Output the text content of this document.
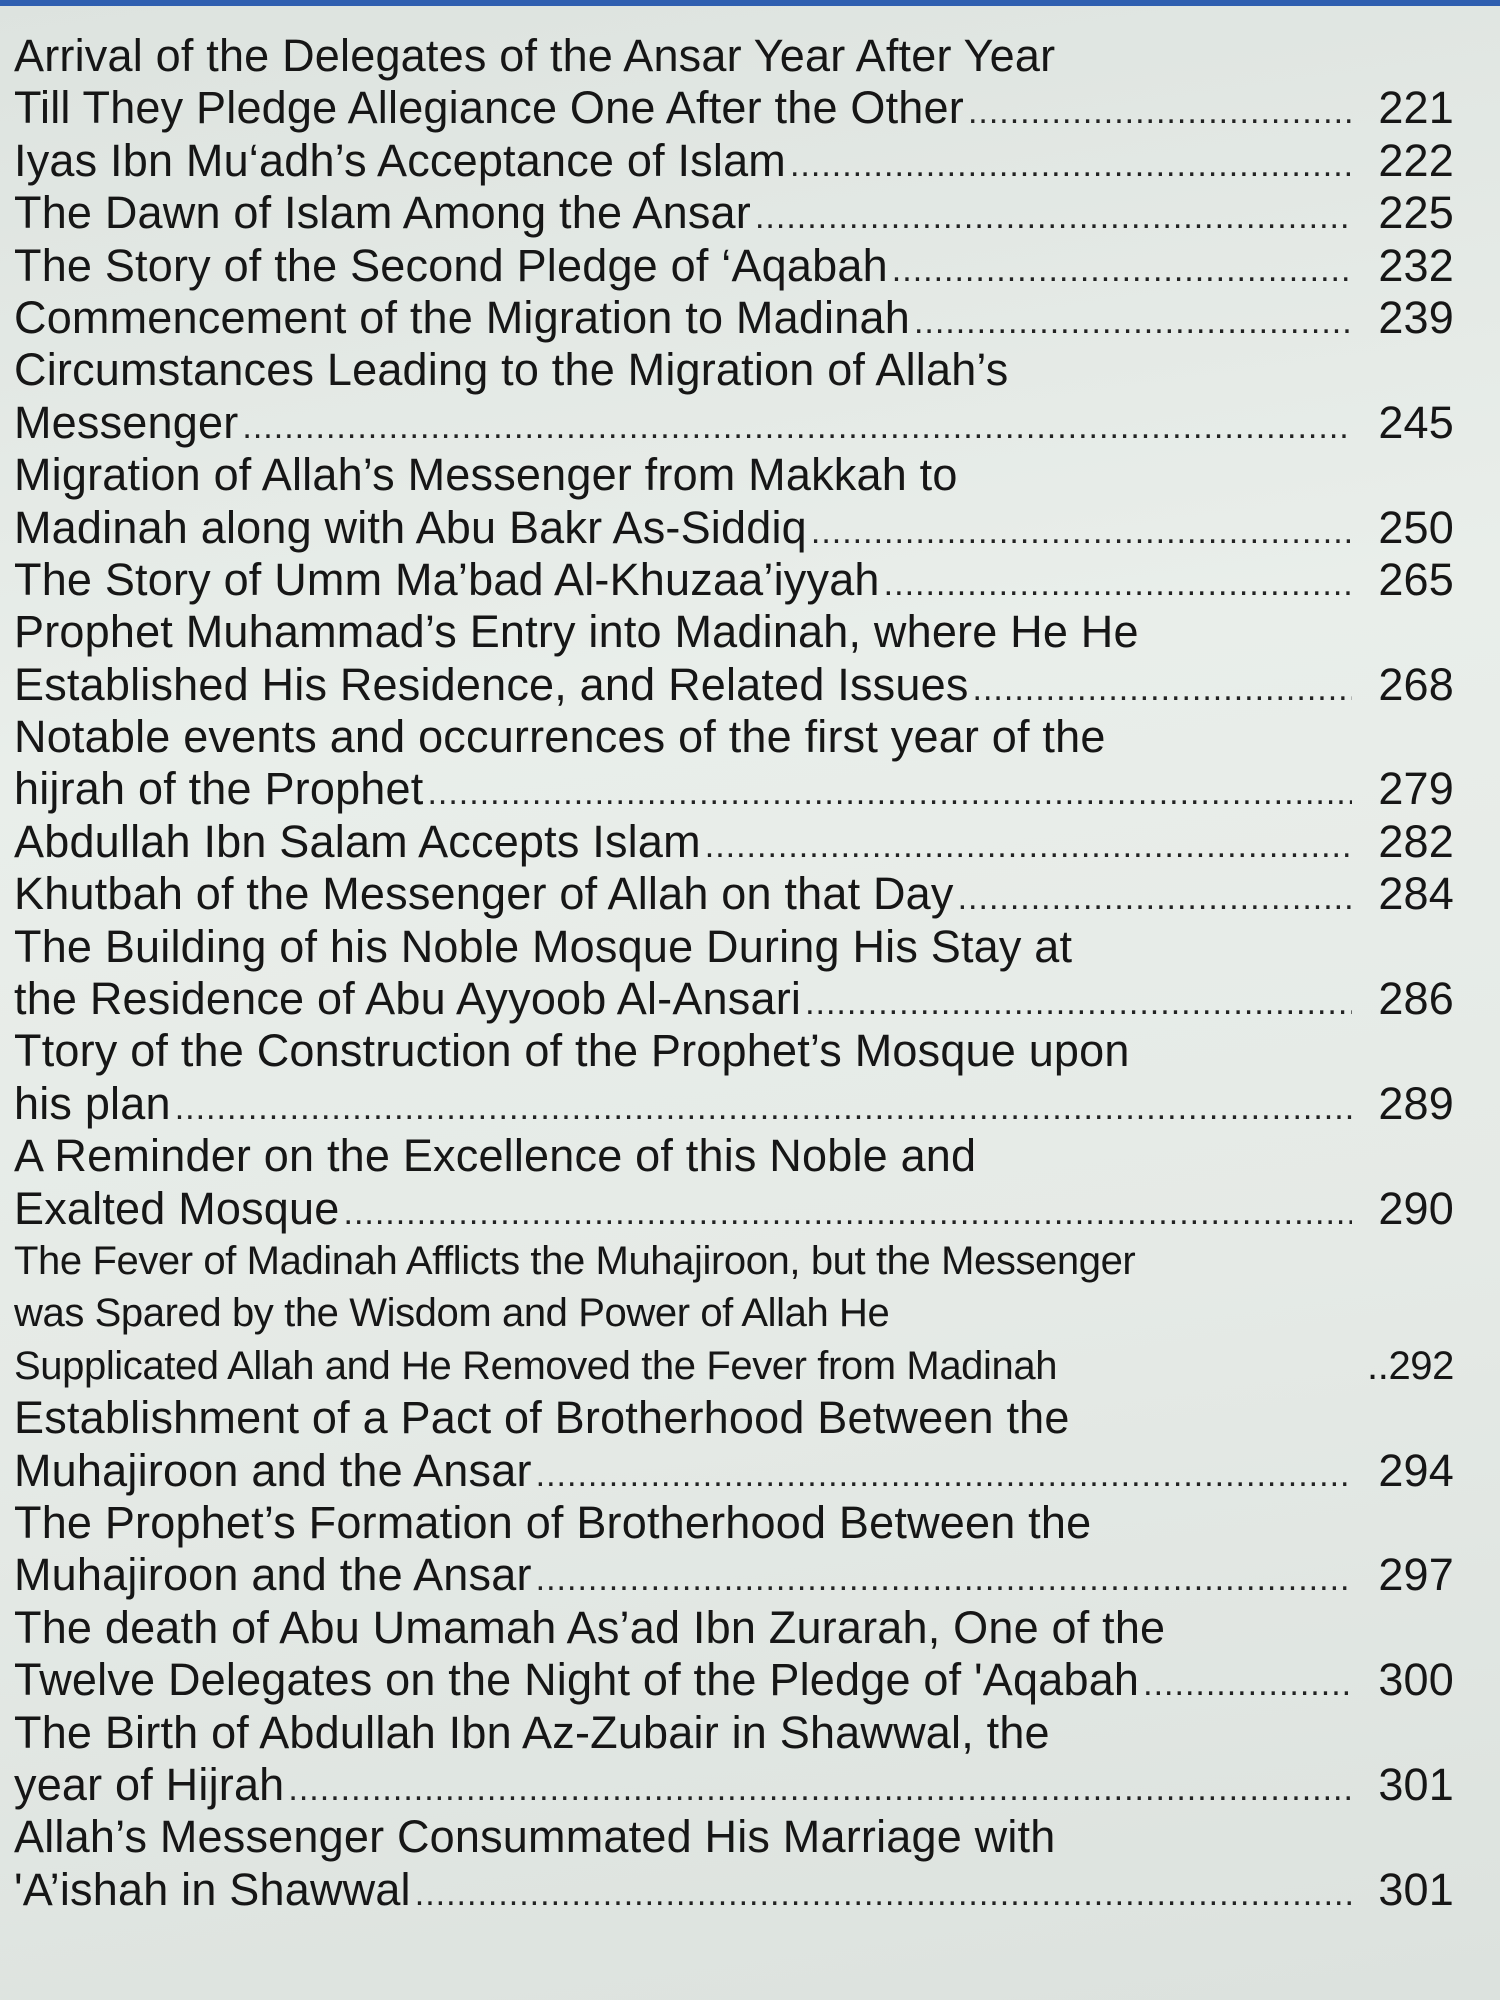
Arrival of the Delegates of the Ansar Year After Year
Till They Pledge Allegiance One After the Other .....	221
Iyas Ibn Mu‘adh’s Acceptance of Islam .....	222
The Dawn of Islam Among the Ansar .....	225
The Story of the Second Pledge of ‘Aqabah .....	232
Commencement of the Migration to Madinah .....	239
Circumstances Leading to the Migration of Allah’s
Messenger .....	245
Migration of Allah’s Messenger from Makkah to
Madinah along with Abu Bakr As-Siddiq .....	250
The Story of Umm Ma’bad Al-Khuzaa’iyyah .....	265
Prophet Muhammad’s Entry into Madinah, where He He
Established His Residence, and Related Issues .....	268
Notable events and occurrences of the first year of the
hijrah of the Prophet .....	279
Abdullah Ibn Salam Accepts Islam .....	282
Khutbah of the Messenger of Allah on that Day .....	284
The Building of his Noble Mosque During His Stay at
the Residence of Abu Ayyoob Al-Ansari .....	286
Ttory of the Construction of the Prophet’s Mosque upon
his plan .....	289
A Reminder on the Excellence of this Noble and
Exalted Mosque .....	290
The Fever of Madinah Afflicts the Muhajiroon, but the Messenger
was Spared by the Wisdom and Power of Allah He
Supplicated Allah and He Removed the Fever from Madinah	..292
Establishment of a Pact of Brotherhood Between the
Muhajiroon and the Ansar .....	294
The Prophet’s Formation of Brotherhood Between the
Muhajiroon and the Ansar .....	297
The death of Abu Umamah As’ad Ibn Zurarah, One of the
Twelve Delegates on the Night of the Pledge of 'Aqabah .....	300
The Birth of Abdullah Ibn Az-Zubair in Shawwal, the
year of Hijrah .....	301
Allah’s Messenger Consummated His Marriage with
'A’ishah in Shawwal .....	301
